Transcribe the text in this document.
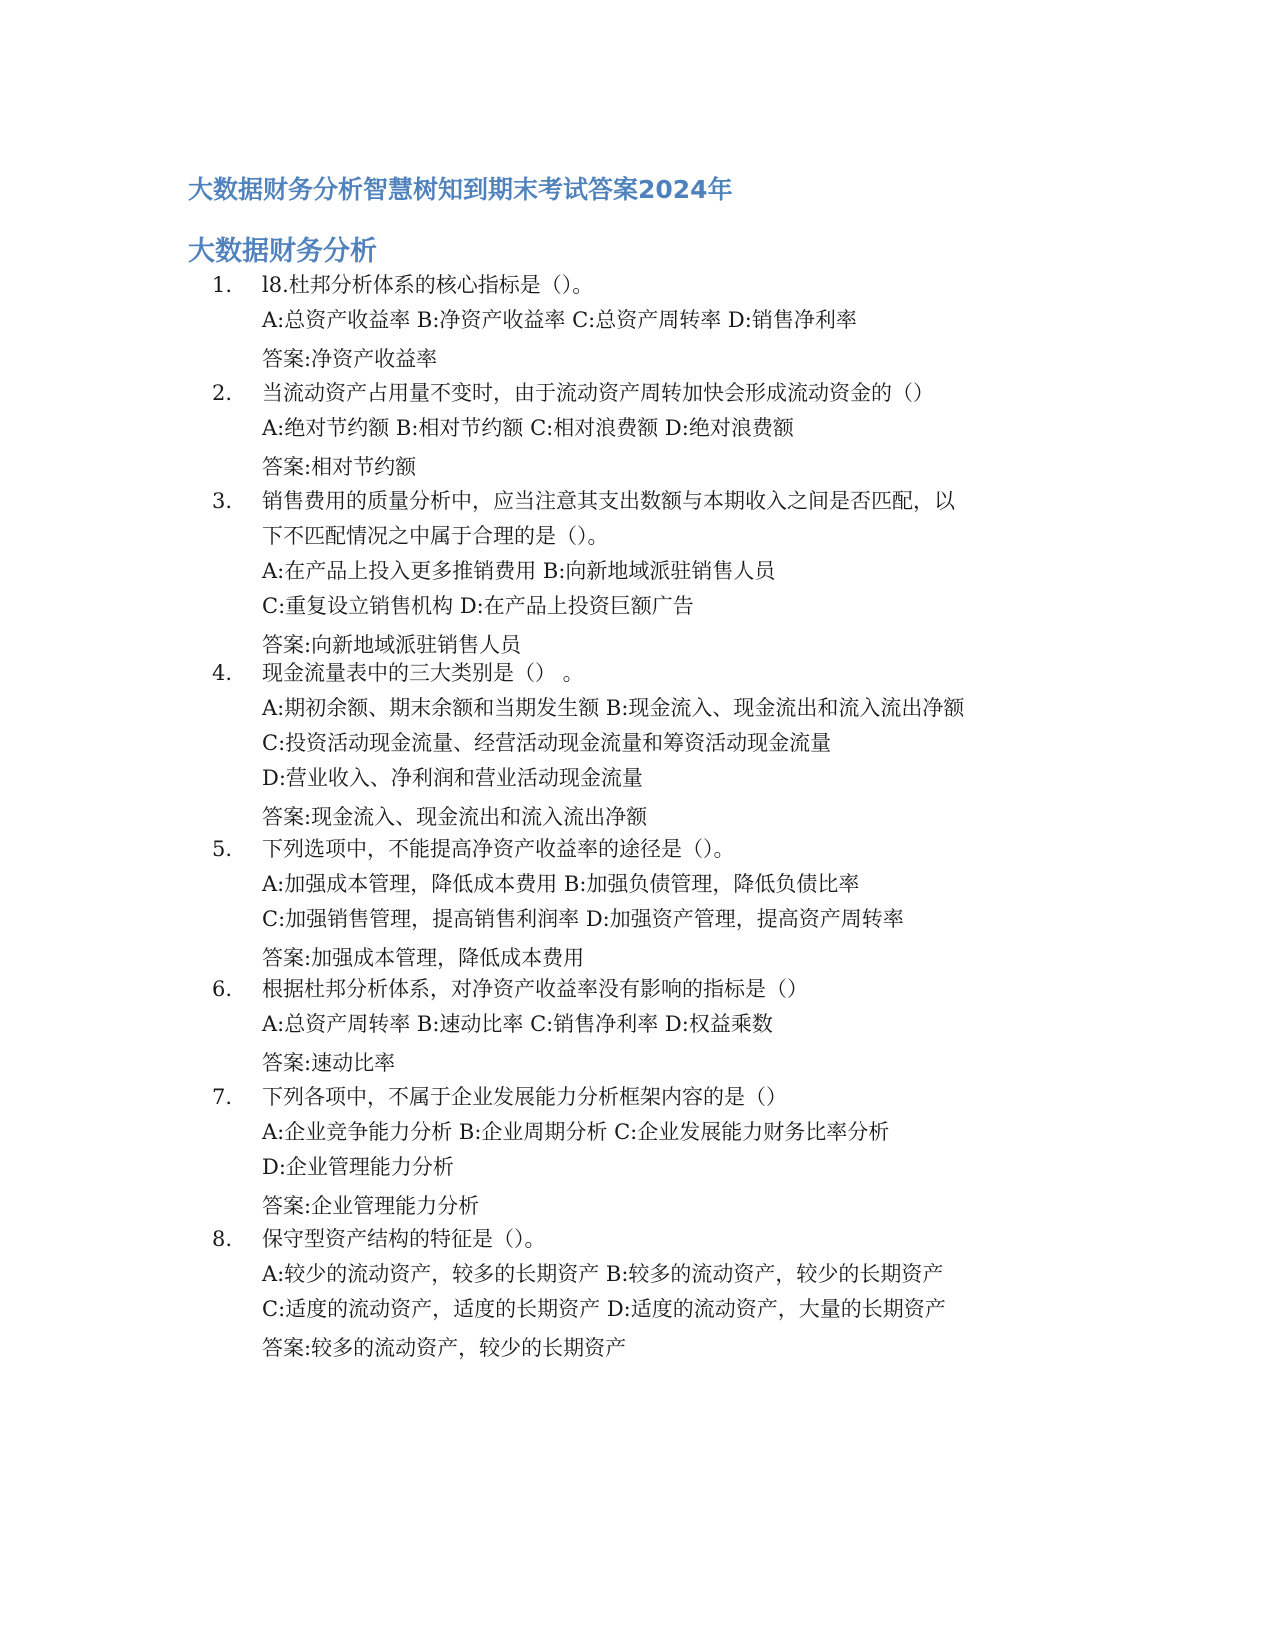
大数据财务分析智慧树知到期末考试答案2024年
大数据财务分析
1.	l8.杜邦分析体系的核心指标是（）。
A:总资产收益率 B:净资产收益率 C:总资产周转率 D:销售净利率
答案:净资产收益率
2.	当流动资产占用量不变时，由于流动资产周转加快会形成流动资金的（）
A:绝对节约额 B:相对节约额 C:相对浪费额 D:绝对浪费额
答案:相对节约额
3.	销售费用的质量分析中，应当注意其支出数额与本期收入之间是否匹配，以
下不匹配情况之中属于合理的是（）。
A:在产品上投入更多推销费用 B:向新地域派驻销售人员
C:重复设立销售机构 D:在产品上投资巨额广告
答案:向新地域派驻销售人员
4.	现金流量表中的三大类别是（） 。
A:期初余额、期末余额和当期发生额 B:现金流入、现金流出和流入流出净额
C:投资活动现金流量、经营活动现金流量和筹资活动现金流量
D:营业收入、净利润和营业活动现金流量
答案:现金流入、现金流出和流入流出净额
5.	下列选项中，不能提高净资产收益率的途径是（）。
A:加强成本管理，降低成本费用 B:加强负债管理，降低负债比率
C:加强销售管理，提高销售利润率 D:加强资产管理，提高资产周转率
答案:加强成本管理，降低成本费用
6.	根据杜邦分析体系，对净资产收益率没有影响的指标是（）
A:总资产周转率 B:速动比率 C:销售净利率 D:权益乘数
答案:速动比率
7.	下列各项中，不属于企业发展能力分析框架内容的是（）
A:企业竞争能力分析 B:企业周期分析 C:企业发展能力财务比率分析
D:企业管理能力分析
答案:企业管理能力分析
8.	保守型资产结构的特征是（）。
A:较少的流动资产，较多的长期资产 B:较多的流动资产，较少的长期资产
C:适度的流动资产，适度的长期资产 D:适度的流动资产，大量的长期资产
答案:较多的流动资产，较少的长期资产
